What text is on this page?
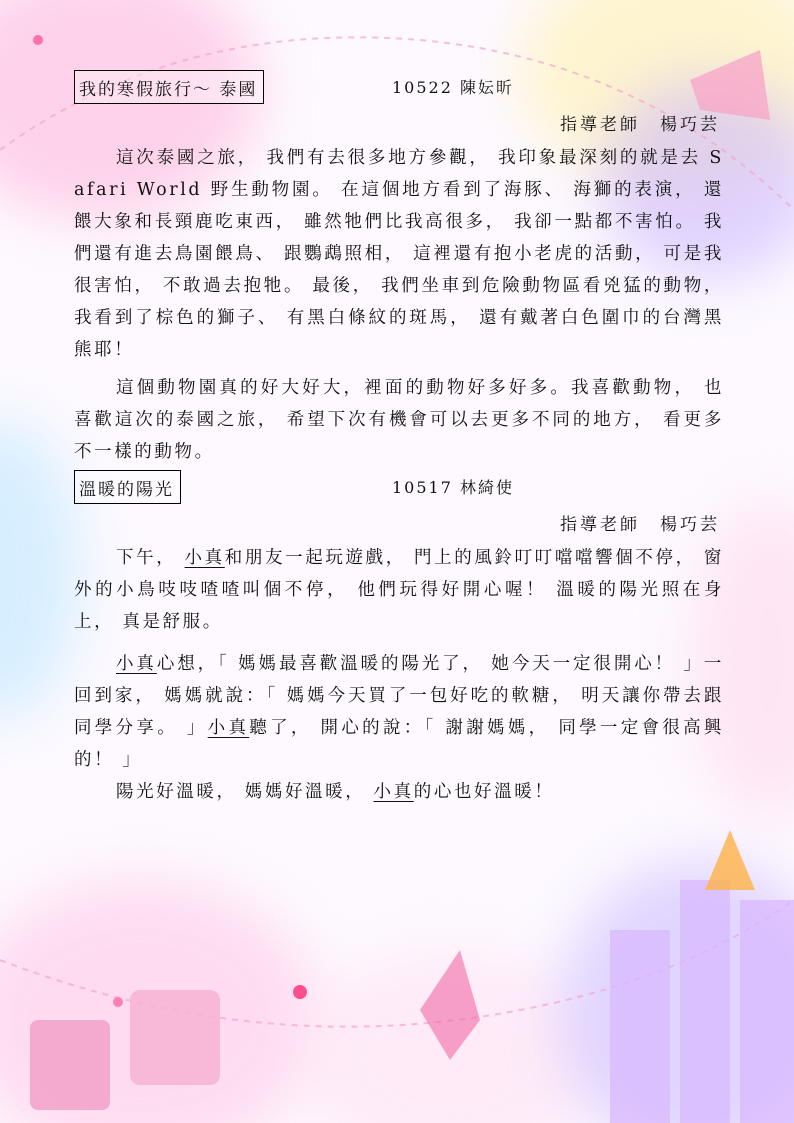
我的寒假旅行～ 泰國	10522 陳妘昕
指導老師　楊巧芸

這次泰國之旅， 我們有去很多地方參觀， 我印象最深刻的就是去 Safari World 野生動物園。 在這個地方看到了海豚、 海獅的表演， 還餵大象和長頸鹿吃東西， 雖然牠們比我高很多， 我卻一點都不害怕。 我們還有進去鳥園餵鳥、 跟鸚鵡照相， 這裡還有抱小老虎的活動， 可是我很害怕， 不敢過去抱牠。 最後， 我們坐車到危險動物區看兇猛的動物， 我看到了棕色的獅子、 有黑白條紋的斑馬， 還有戴著白色圍巾的台灣黑熊耶！

這個動物園真的好大好大，裡面的動物好多好多。我喜歡動物， 也喜歡這次的泰國之旅， 希望下次有機會可以去更多不同的地方， 看更多不一樣的動物。

溫暖的陽光	10517 林綺使
指導老師　楊巧芸

下午， 小真和朋友一起玩遊戲， 門上的風鈴叮叮噹噹響個不停， 窗外的小鳥吱吱喳喳叫個不停， 他們玩得好開心喔！ 溫暖的陽光照在身上， 真是舒服。

小真心想，「 媽媽最喜歡溫暖的陽光了， 她今天一定很開心！ 」一回到家， 媽媽就說：「 媽媽今天買了一包好吃的軟糖， 明天讓你帶去跟同學分享。 」小真聽了， 開心的說：「 謝謝媽媽， 同學一定會很高興的！ 」

陽光好溫暖， 媽媽好溫暖， 小真的心也好溫暖！
